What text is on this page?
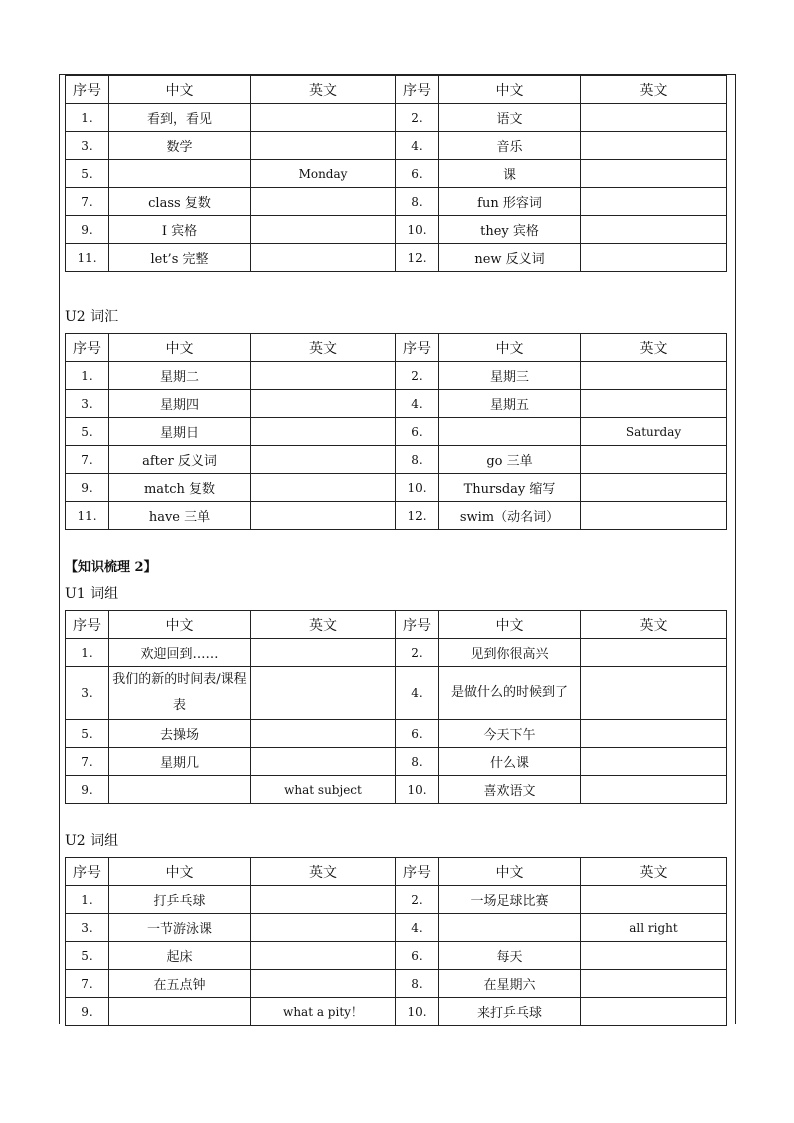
序号	中文	英文	序号	中文	英文
1.	看到，看见		2.	语文	
3.	数学		4.	音乐	
5.		Monday	6.	课	
7.	class 复数		8.	fun 形容词	
9.	I 宾格		10.	they 宾格	
11.	let’s 完整		12.	new 反义词	
U2 词汇
序号	中文	英文	序号	中文	英文
1.	星期二		2.	星期三	
3.	星期四		4.	星期五	
5.	星期日		6.		Saturday
7.	after 反义词		8.	go 三单	
9.	match 复数		10.	Thursday 缩写	
11.	have 三单		12.	swim（动名词）	
【知识梳理 2】
U1 词组
序号	中文	英文	序号	中文	英文
1.	欢迎回到……		2.	见到你很高兴	
3.	我们的新的时间表/课程表		4.	是做什么的时候到了	
5.	去操场		6.	今天下午	
7.	星期几		8.	什么课	
9.		what subject	10.	喜欢语文	
U2 词组
序号	中文	英文	序号	中文	英文
1.	打乒乓球		2.	一场足球比赛	
3.	一节游泳课		4.		all right
5.	起床		6.	每天	
7.	在五点钟		8.	在星期六	
9.		what a pity！	10.	来打乒乓球	
